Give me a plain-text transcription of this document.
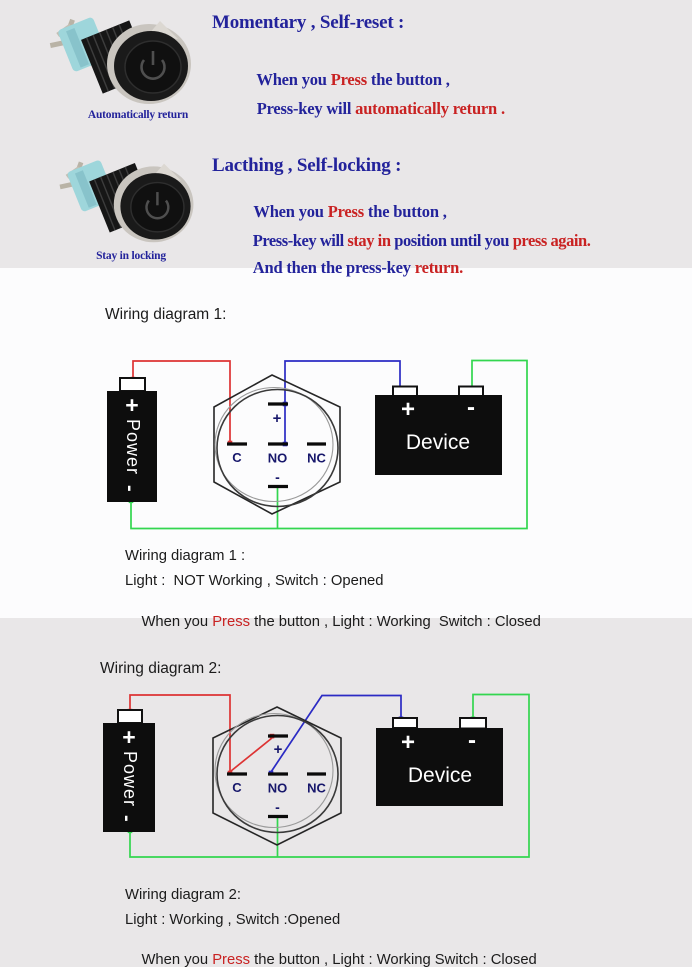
Automatically return
Momentary , Self-reset :

When you Press the button ,

Press-key will automatically return .

Stay in locking
Lacthing , Self-locking :

When you Press the button ,

Press-key will stay in position until you press again.

And then the press-key return.

Wiring diagram 1:
+
Power
-
+
C NO NC
-
+ -
Device
Wiring diagram 1 :
Light :  NOT Working , Switch : Opened

When you Press the button , Light : Working  Switch : Closed

Wiring diagram 2:
+
Power
-
+
C NO NC
-
+ -
Device
Wiring diagram 2:
Light : Working , Switch :Opened

When you Press the button , Light : Working Switch : Closed
